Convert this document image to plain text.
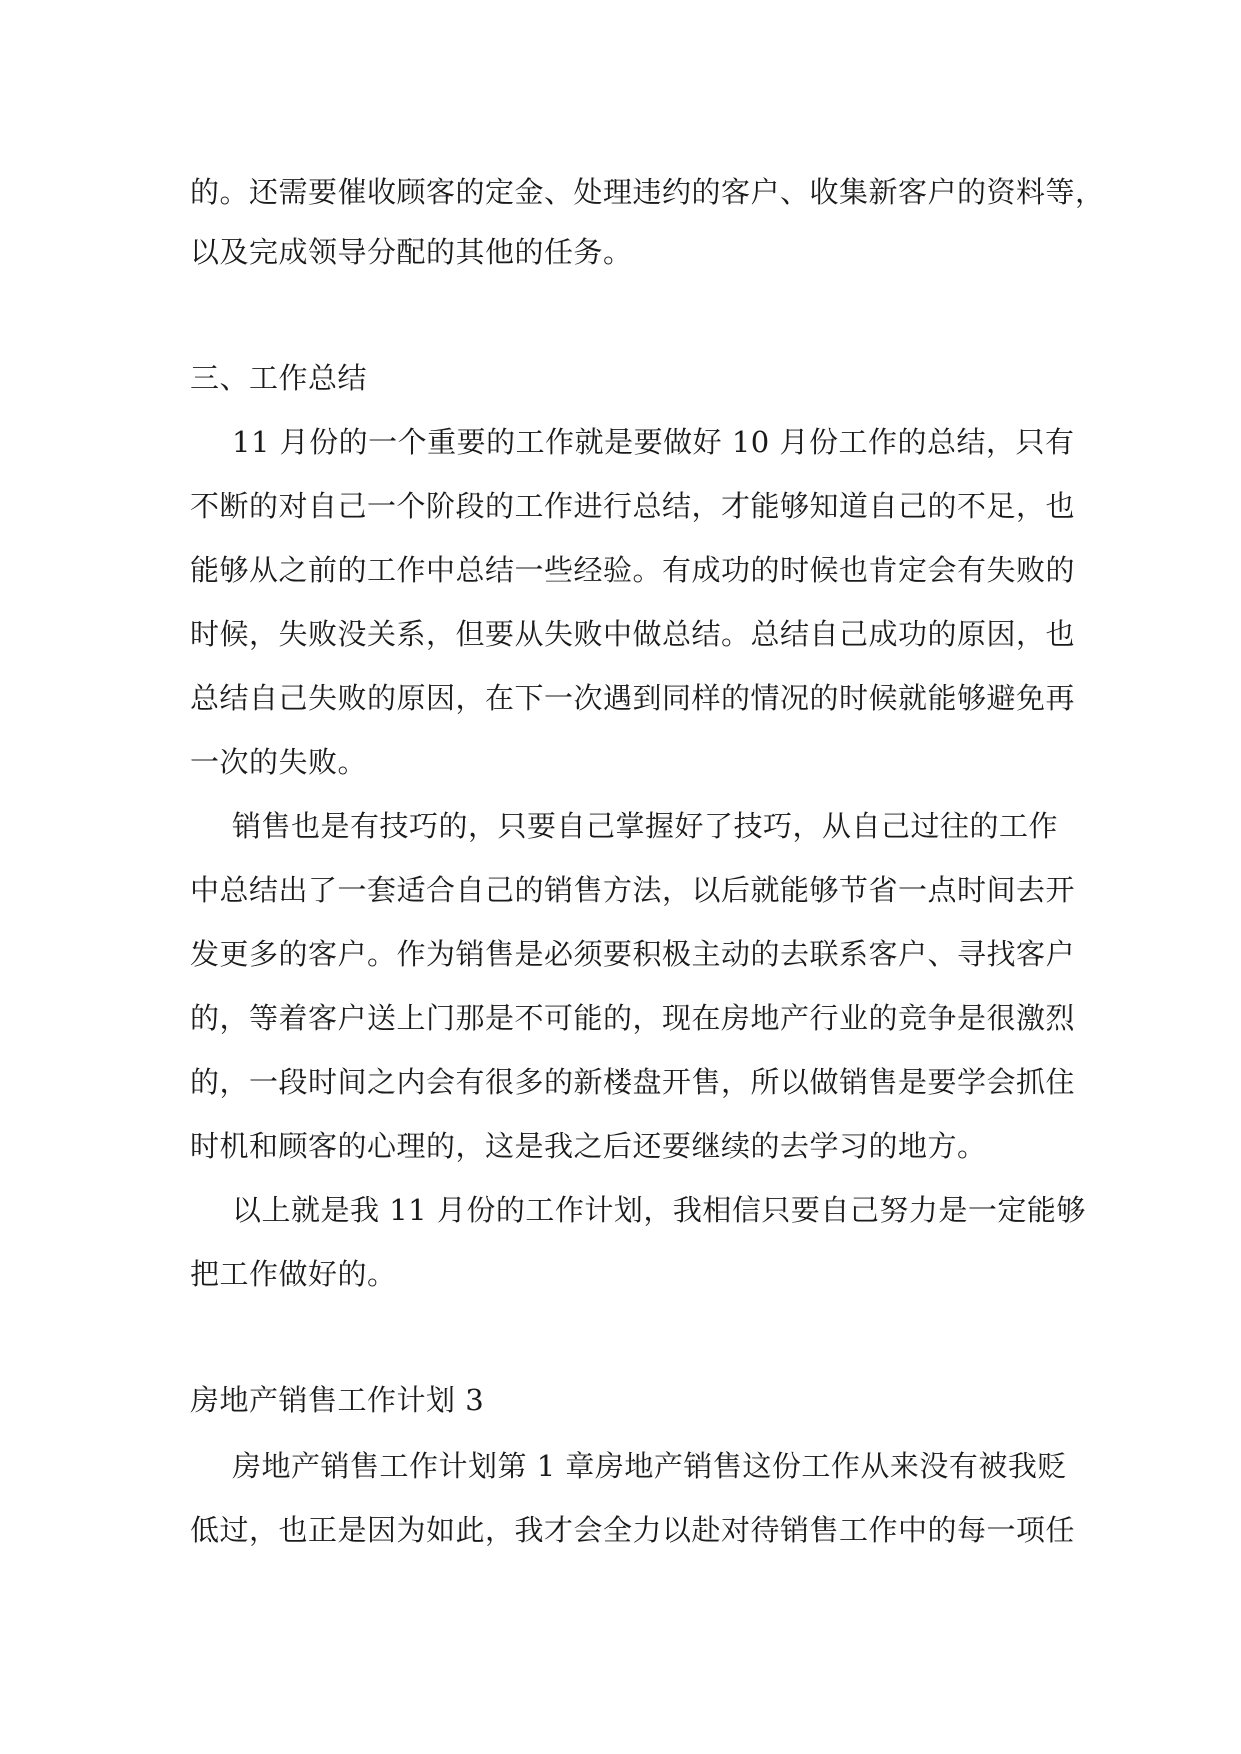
的。还需要催收顾客的定金、处理违约的客户、收集新客户的资料等，
以及完成领导分配的其他的任务。
三、工作总结
11 月份的一个重要的工作就是要做好 10 月份工作的总结，只有
不断的对自己一个阶段的工作进行总结，才能够知道自己的不足，也
能够从之前的工作中总结一些经验。有成功的时候也肯定会有失败的
时候，失败没关系，但要从失败中做总结。总结自己成功的原因，也
总结自己失败的原因，在下一次遇到同样的情况的时候就能够避免再
一次的失败。
销售也是有技巧的，只要自己掌握好了技巧，从自己过往的工作
中总结出了一套适合自己的销售方法，以后就能够节省一点时间去开
发更多的客户。作为销售是必须要积极主动的去联系客户、寻找客户
的，等着客户送上门那是不可能的，现在房地产行业的竞争是很激烈
的，一段时间之内会有很多的新楼盘开售，所以做销售是要学会抓住
时机和顾客的心理的，这是我之后还要继续的去学习的地方。
以上就是我 11 月份的工作计划，我相信只要自己努力是一定能够
把工作做好的。
房地产销售工作计划 3
房地产销售工作计划第 1 章房地产销售这份工作从来没有被我贬
低过，也正是因为如此，我才会全力以赴对待销售工作中的每一项任
